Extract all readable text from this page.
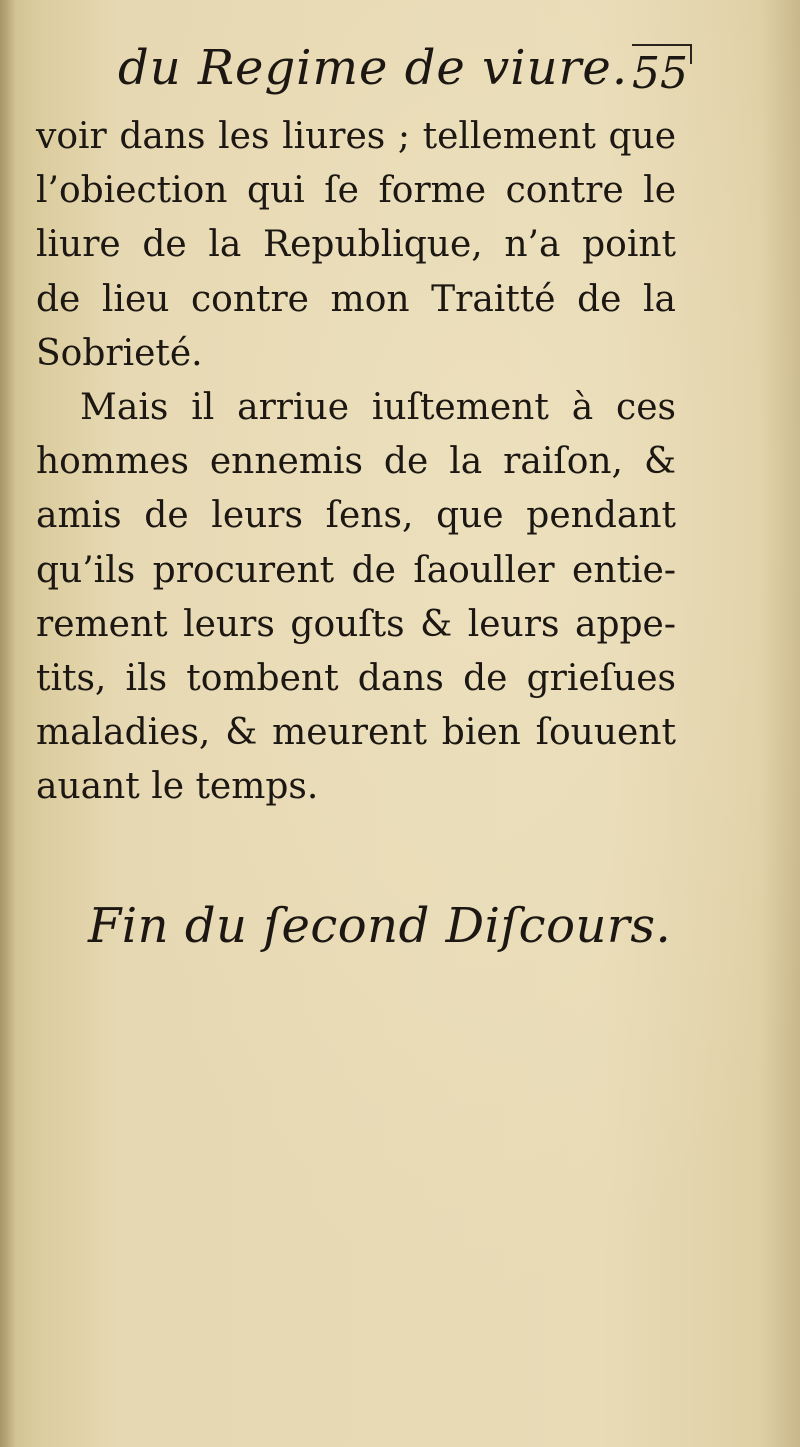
du Regime de viure. 55
voir dans les liures ; tellement que
l’obiection qui ſe forme contre le
liure de la Republique, n’a point
de lieu contre mon Traitté de la
Sobrieté.
Mais il arriue iuſtement à ces
hommes ennemis de la raiſon, &
amis de leurs ſens, que pendant
qu’ils procurent de ſaouller entie-
rement leurs gouſts & leurs appe-
tits, ils tombent dans de grieſues
maladies, & meurent bien ſouuent
auant le temps.
Fin du ſecond Diſcours.
